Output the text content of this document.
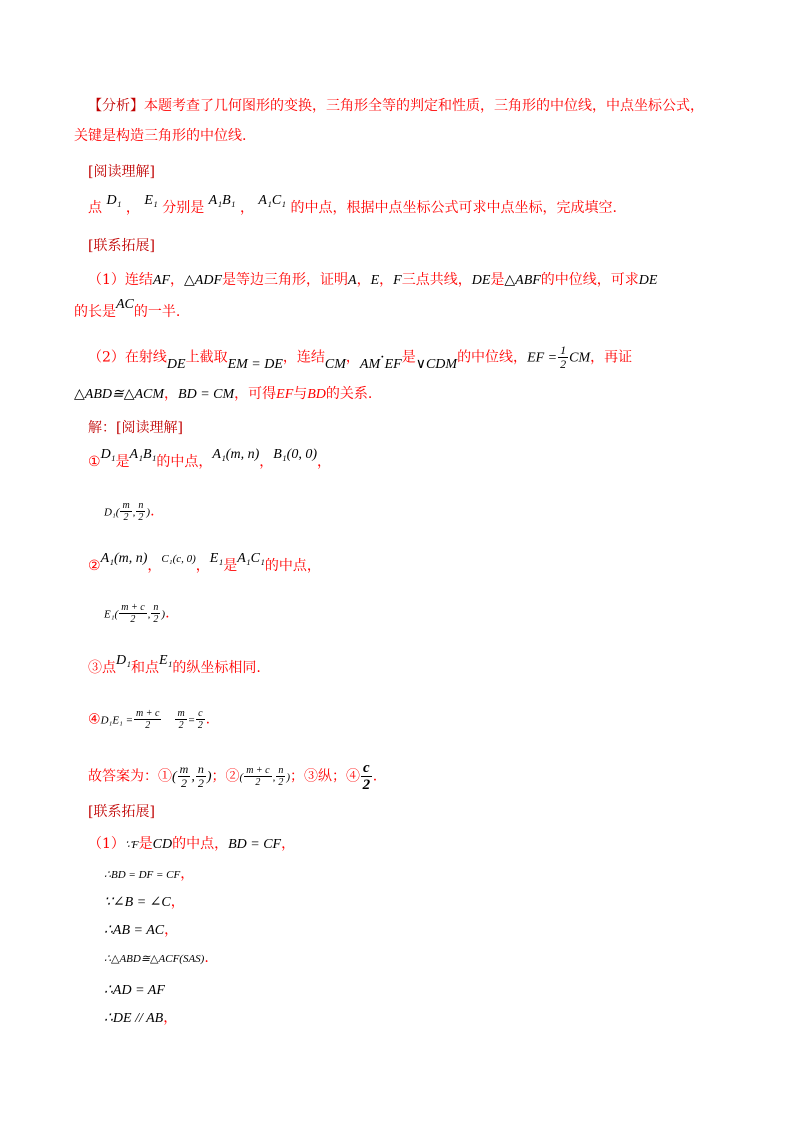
【分析】本题考查了几何图形的变换，三角形全等的判定和性质，三角形的中位线，中点坐标公式，
关键是构造三角形的中位线.
[阅读理解]
点 D₁ ， E₁ 分别是 A₁B₁ ， A₁C₁ 的中点，根据中点坐标公式可求中点坐标，完成填空.
[联系拓展]
（1）连结AF，△ADF是等边三角形，证明A，E，F三点共线，DE是△ABF的中位线，可求DE
的长是AC的一半.
（2）在射线DE上截取EM = DE，连结CM，AM·EF是∨CDM的中位线，EF = $\frac{1}{2}$ CM，再证
△ABD≅△ACM，BD = CM，可得EF与BD的关系.
解：[阅读理解]
①D₁是A₁B₁的中点，A₁(m, n)，B₁(0, 0)，
$D_1( \frac{m}{2}$ , $\frac{n}{2}$ ).
②A₁(m, n)，$^{C_1(c, 0)}$，E₁是A₁C₁的中点，
$E_1( \frac{m + c}{2}$ , $\frac{n}{2}$ ).
③点D₁和点E₁的纵坐标相同.
④D₁E₁ = $\frac{m + c}{2} \frac{m}{2} = \frac{c}{2}$ .
故答案为：①( $\frac{m}{2}$ , $\frac{n}{2}$ )；②( $\frac{m + c}{2}$ , $\frac{n}{2}$ )；③纵；④ $\frac{c}{2}$ .
[联系拓展]
（1）∵F是CD的中点，BD = CF，
∴BD = DF = CF，
∵∠B = ∠C，
∴AB = AC，
∴△ABD≅△ACF(SAS).
∴AD = AF
∴DE // AB，
